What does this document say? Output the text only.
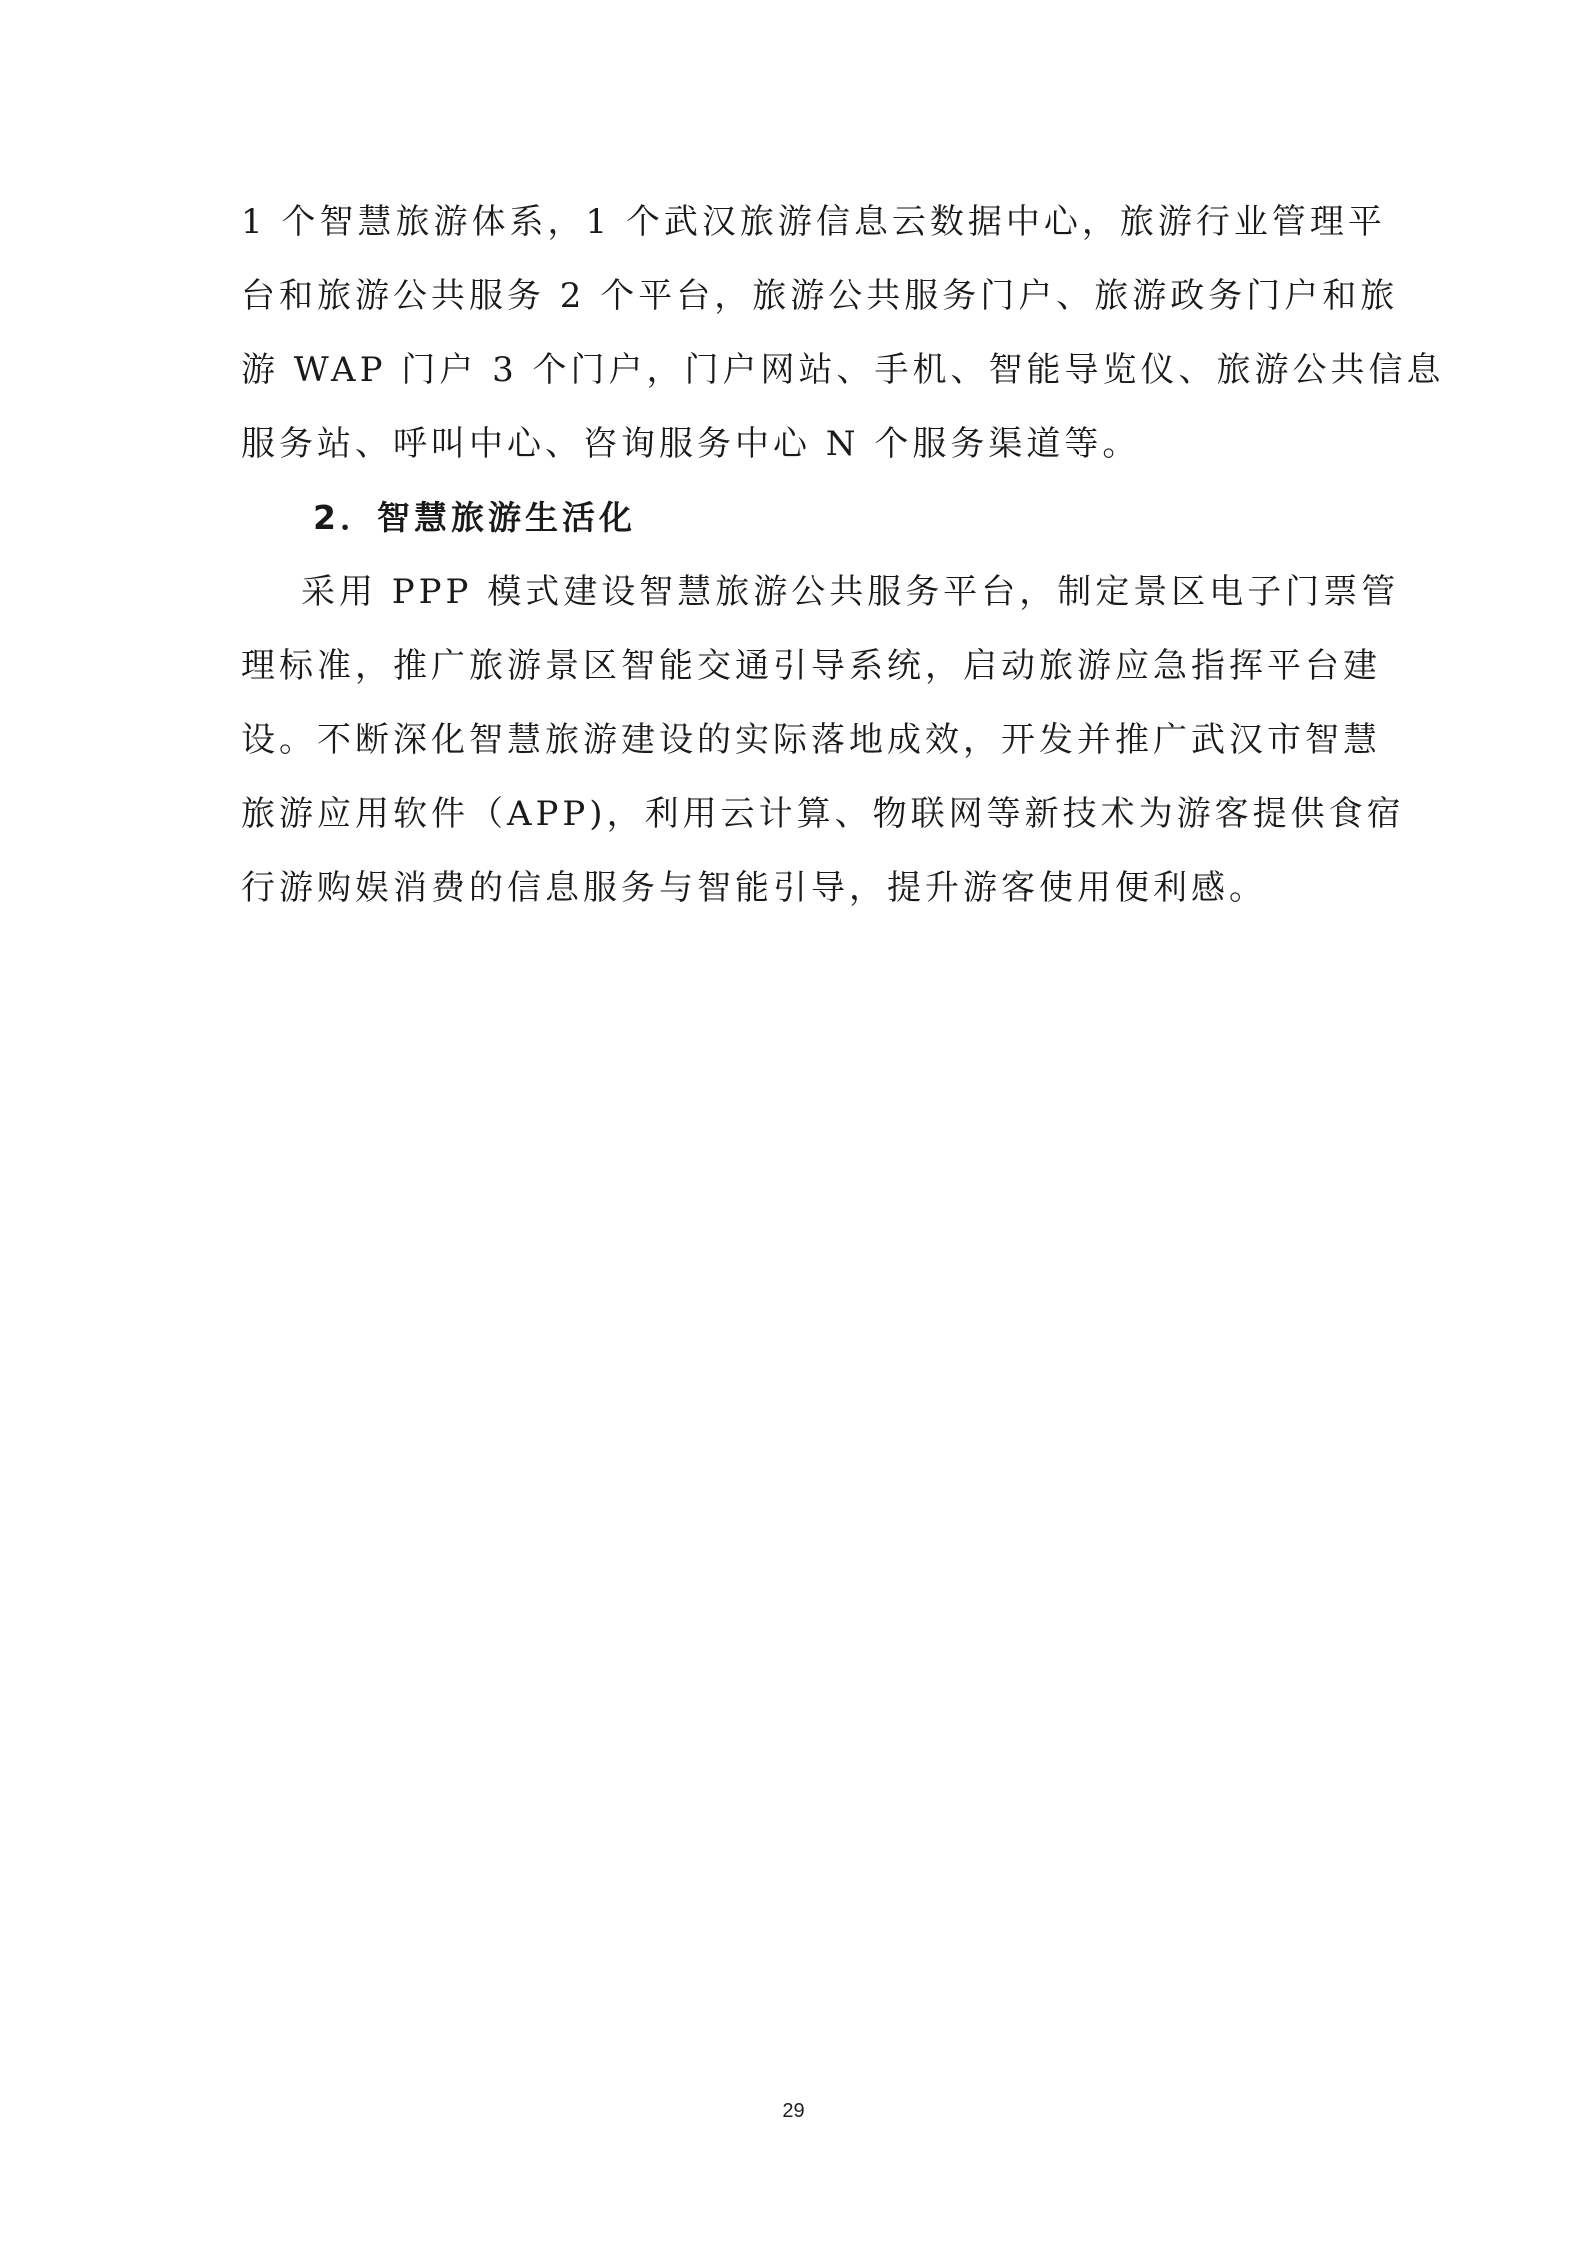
1 个智慧旅游体系，1 个武汉旅游信息云数据中心，旅游行业管理平
台和旅游公共服务 2 个平台，旅游公共服务门户、旅游政务门户和旅
游 WAP 门户 3 个门户，门户网站、手机、智能导览仪、旅游公共信息
服务站、呼叫中心、咨询服务中心 N 个服务渠道等。
2．智慧旅游生活化
采用 PPP 模式建设智慧旅游公共服务平台，制定景区电子门票管
理标准，推广旅游景区智能交通引导系统，启动旅游应急指挥平台建
设。不断深化智慧旅游建设的实际落地成效，开发并推广武汉市智慧
旅游应用软件（APP)，利用云计算、物联网等新技术为游客提供食宿
行游购娱消费的信息服务与智能引导，提升游客使用便利感。
29
